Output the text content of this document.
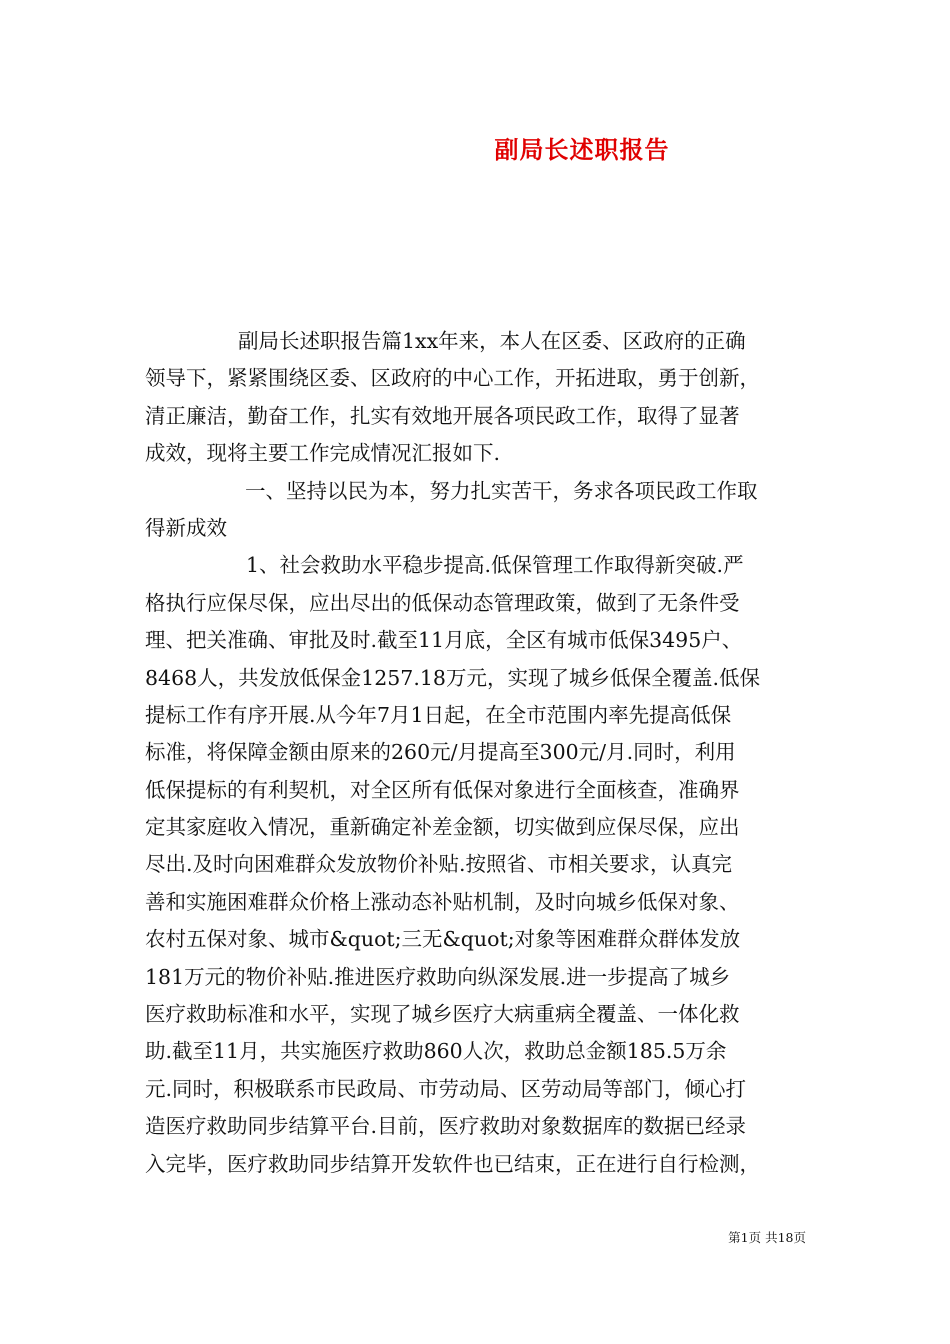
副局长述职报告
副局长述职报告篇1xx年来，本人在区委、区政府的正确
领导下，紧紧围绕区委、区政府的中心工作，开拓进取，勇于创新，
清正廉洁，勤奋工作，扎实有效地开展各项民政工作，取得了显著
成效，现将主要工作完成情况汇报如下.
一、坚持以民为本，努力扎实苦干，务求各项民政工作取
得新成效
1、社会救助水平稳步提高.低保管理工作取得新突破.严
格执行应保尽保，应出尽出的低保动态管理政策，做到了无条件受
理、把关准确、审批及时.截至11月底，全区有城市低保3495户、
8468人，共发放低保金1257.18万元，实现了城乡低保全覆盖.低保
提标工作有序开展.从今年7月1日起，在全市范围内率先提高低保
标准，将保障金额由原来的260元/月提高至300元/月.同时，利用
低保提标的有利契机，对全区所有低保对象进行全面核查，准确界
定其家庭收入情况，重新确定补差金额，切实做到应保尽保，应出
尽出.及时向困难群众发放物价补贴.按照省、市相关要求，认真完
善和实施困难群众价格上涨动态补贴机制，及时向城乡低保对象、
农村五保对象、城市&quot;三无&quot;对象等困难群众群体发放
181万元的物价补贴.推进医疗救助向纵深发展.进一步提高了城乡
医疗救助标准和水平，实现了城乡医疗大病重病全覆盖、一体化救
助.截至11月，共实施医疗救助860人次，救助总金额185.5万余
元.同时，积极联系市民政局、市劳动局、区劳动局等部门，倾心打
造医疗救助同步结算平台.目前，医疗救助对象数据库的数据已经录
入完毕，医疗救助同步结算开发软件也已结束，正在进行自行检测，
第1页 共18页
